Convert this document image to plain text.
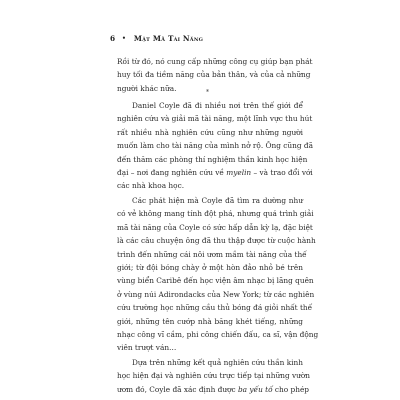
6 • Mật Mã Tài Năng
Rồi từ đó, nó cung cấp những công cụ giúp bạn phát
huy tối đa tiềm năng của bản thân, và của cả những
người khác nữa.	*
Daniel Coyle đã đi nhiều nơi trên thế giới để
nghiên cứu và giải mã tài năng, một lĩnh vực thu hút
rất nhiều nhà nghiên cứu cũng như những người
muốn làm cho tài năng của mình nở rộ. Ông cũng đã
đến thăm các phòng thí nghiệm thần kinh học hiện
đại – nơi đang nghiên cứu về myelin – và trao đổi với
các nhà khoa học.
Các phát hiện mà Coyle đã tìm ra dường như
có vẻ không mang tính đột phá, nhưng quá trình giải
mã tài năng của Coyle có sức hấp dẫn kỳ lạ, đặc biệt
là các câu chuyện ông đã thu thập được từ cuộc hành
trình đến những cái nôi ươm mầm tài năng của thế
giới; từ đội bóng chày ở một hòn đảo nhỏ bé trên
vùng biển Caribê đến học viện âm nhạc bị lãng quên
ở vùng núi Adirondacks của New York; từ các nghiên
cứu trường học những cầu thủ bóng đá giỏi nhất thế
giới, những tên cướp nhà băng khét tiếng, những
nhạc công vĩ cầm, phi công chiến đấu, ca sĩ, vận động
viên trượt ván…
Dựa trên những kết quả nghiên cứu thần kinh
học hiện đại và nghiên cứu trực tiếp tại những vườn
ươm đó, Coyle đã xác định được ba yếu tố cho phép
